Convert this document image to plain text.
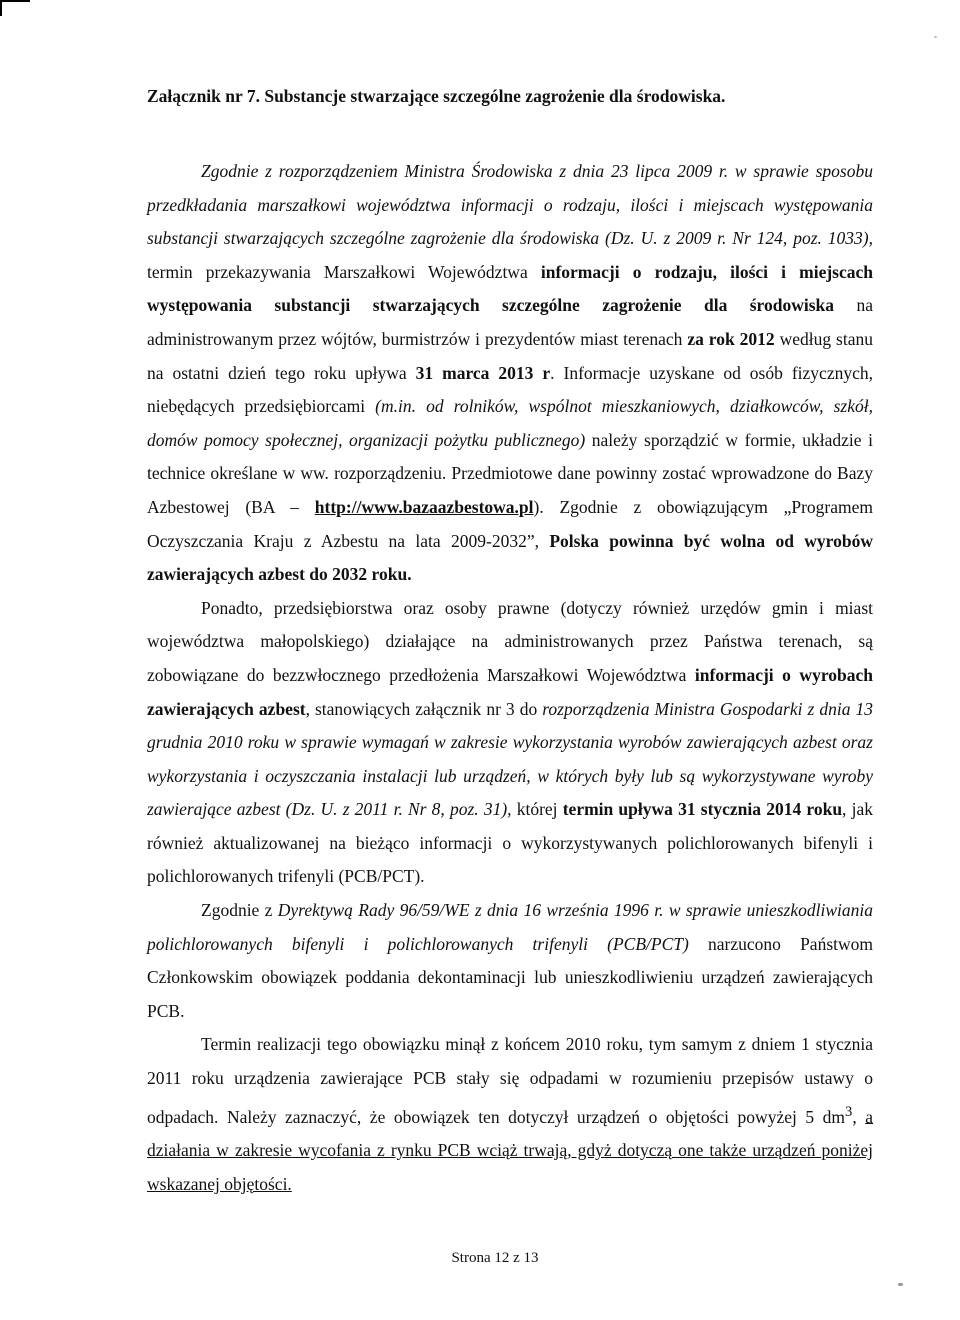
Załącznik nr 7. Substancje stwarzające szczególne zagrożenie dla środowiska.

Zgodnie z rozporządzeniem Ministra Środowiska z dnia 23 lipca 2009 r. w sprawie sposobu przedkładania marszałkowi województwa informacji o rodzaju, ilości i miejscach występowania substancji stwarzających szczególne zagrożenie dla środowiska (Dz. U. z 2009 r. Nr 124, poz. 1033), termin przekazywania Marszałkowi Województwa informacji o rodzaju, ilości i miejscach występowania substancji stwarzających szczególne zagrożenie dla środowiska na administrowanym przez wójtów, burmistrzów i prezydentów miast terenach za rok 2012 według stanu na ostatni dzień tego roku upływa 31 marca 2013 r. Informacje uzyskane od osób fizycznych, niebędących przedsiębiorcami (m.in. od rolników, wspólnot mieszkaniowych, działkowców, szkół, domów pomocy społecznej, organizacji pożytku publicznego) należy sporządzić w formie, układzie i technice określane w ww. rozporządzeniu. Przedmiotowe dane powinny zostać wprowadzone do Bazy Azbestowej (BA – http://www.bazaazbestowa.pl). Zgodnie z obowiązującym „Programem Oczyszczania Kraju z Azbestu na lata 2009-2032”, Polska powinna być wolna od wyrobów zawierających azbest do 2032 roku.

Ponadto, przedsiębiorstwa oraz osoby prawne (dotyczy również urzędów gmin i miast województwa małopolskiego) działające na administrowanych przez Państwa terenach, są zobowiązane do bezzwłocznego przedłożenia Marszałkowi Województwa informacji o wyrobach zawierających azbest, stanowiących załącznik nr 3 do rozporządzenia Ministra Gospodarki z dnia 13 grudnia 2010 roku w sprawie wymagań w zakresie wykorzystania wyrobów zawierających azbest oraz wykorzystania i oczyszczania instalacji lub urządzeń, w których były lub są wykorzystywane wyroby zawierające azbest (Dz. U. z 2011 r. Nr 8, poz. 31), której termin upływa 31 stycznia 2014 roku, jak również aktualizowanej na bieżąco informacji o wykorzystywanych polichlorowanych bifenyli i polichlorowanych trifenyli (PCB/PCT).

Zgodnie z Dyrektywą Rady 96/59/WE z dnia 16 września 1996 r. w sprawie unieszkodliwiania polichlorowanych bifenyli i polichlorowanych trifenyli (PCB/PCT) narzucono Państwom Członkowskim obowiązek poddania dekontaminacji lub unieszkodliwieniu urządzeń zawierających PCB.

Termin realizacji tego obowiązku minął z końcem 2010 roku, tym samym z dniem 1 stycznia 2011 roku urządzenia zawierające PCB stały się odpadami w rozumieniu przepisów ustawy o odpadach. Należy zaznaczyć, że obowiązek ten dotyczył urządzeń o objętości powyżej 5 $dm^3$, a działania w zakresie wycofania z rynku PCB wciąż trwają, gdyż dotyczą one także urządzeń poniżej wskazanej objętości.

Strona 12 z 13
